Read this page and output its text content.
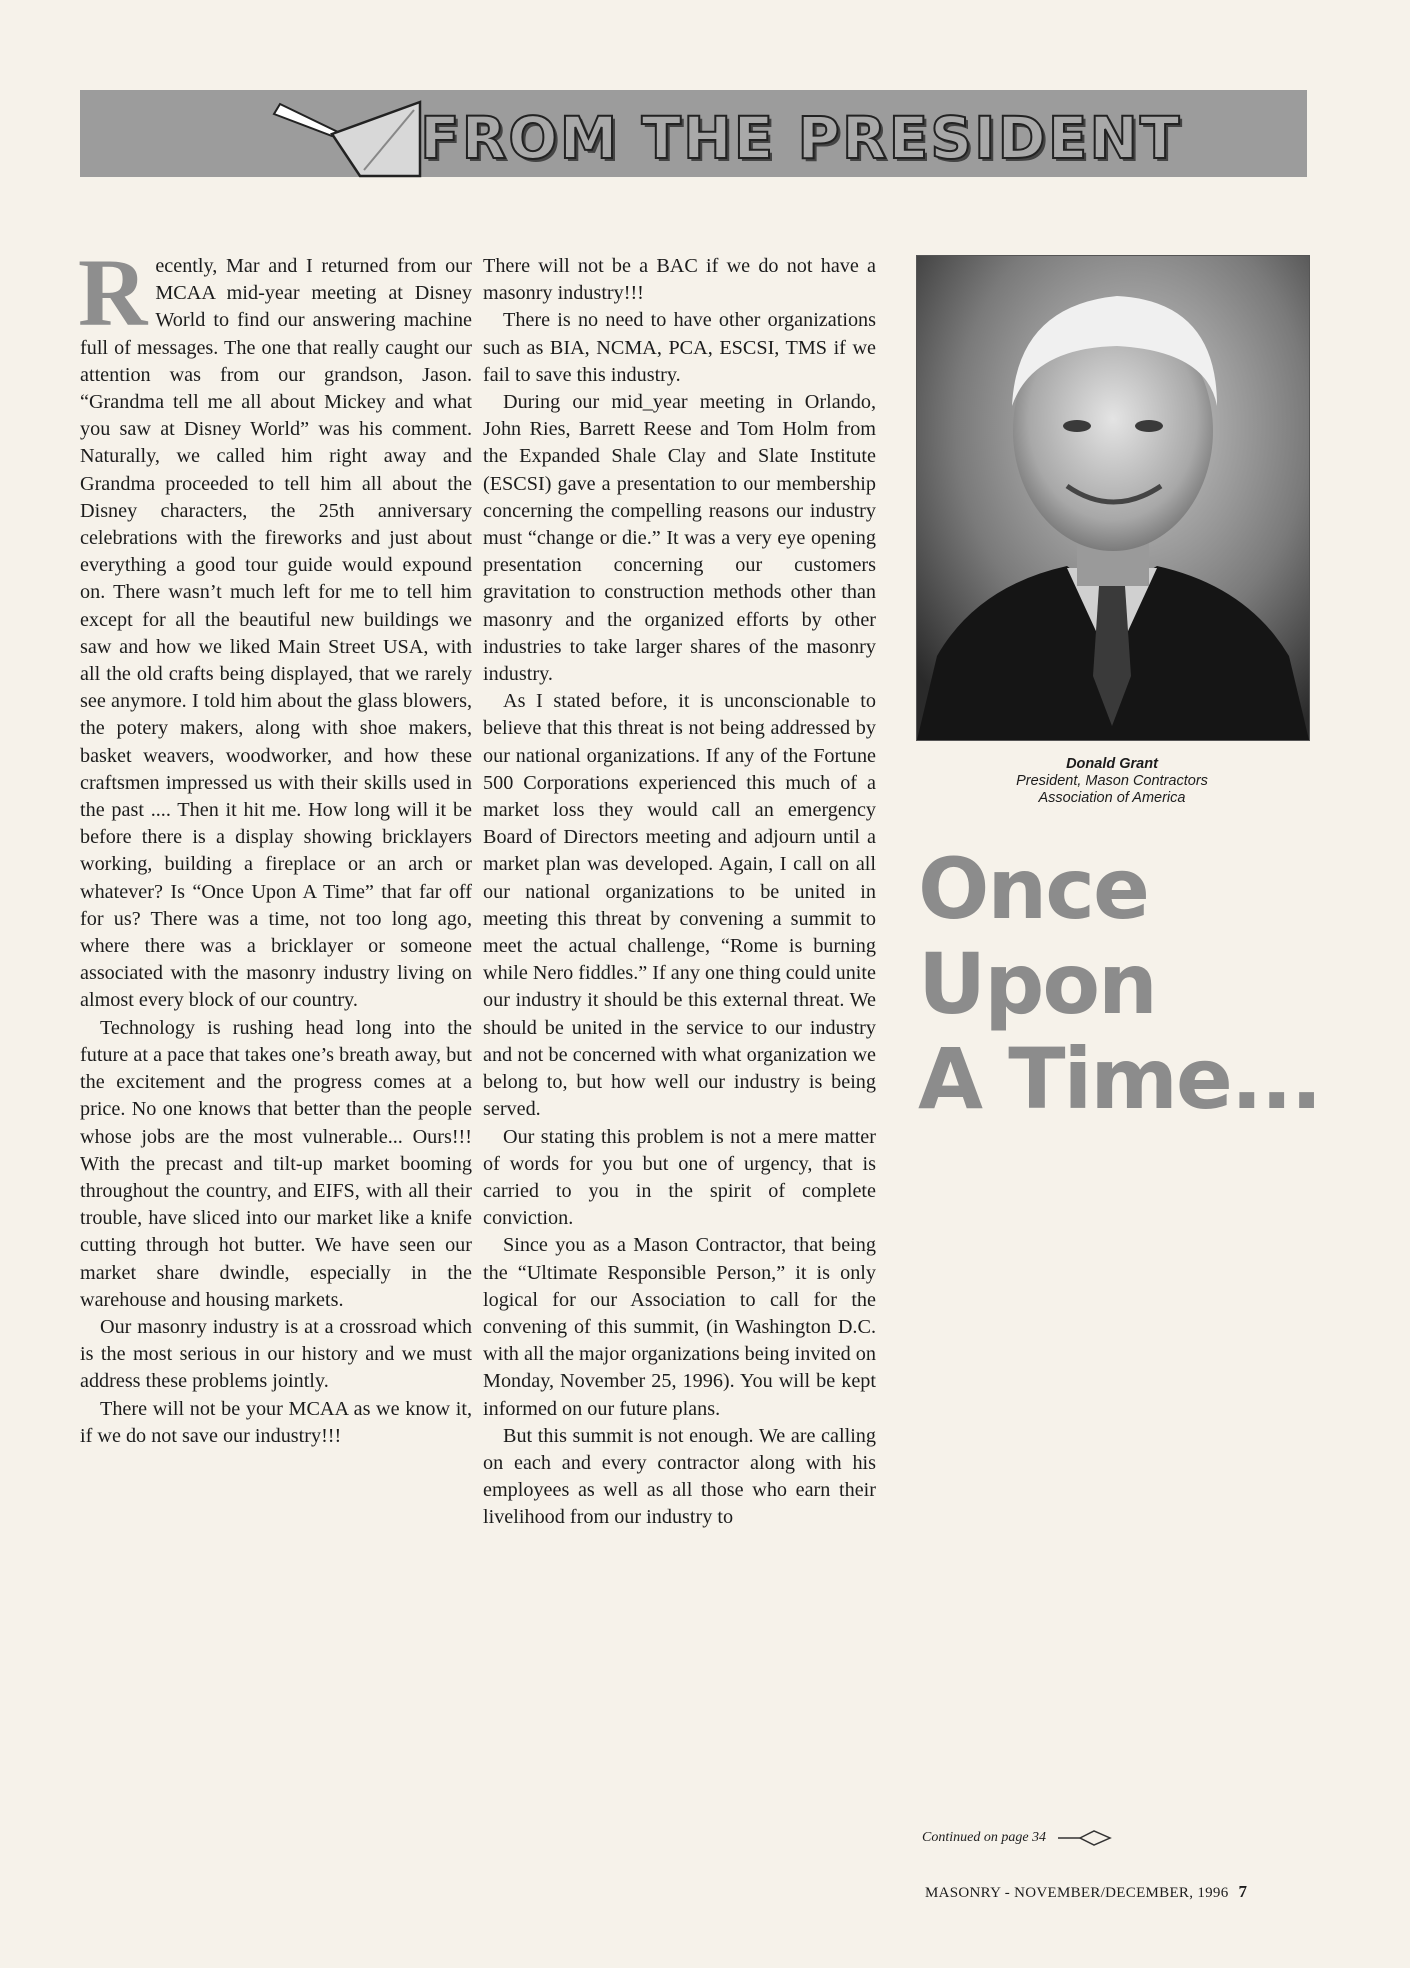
FROM THE PRESIDENT

Recently, Mar and I returned from our MCAA mid-year meeting at Disney World to find our answering machine full of messages. The one that really caught our attention was from our grandson, Jason. “Grandma tell me all about Mickey and what you saw at Disney World” was his comment. Naturally, we called him right away and Grandma proceeded to tell him all about the Disney characters, the 25th anniversary celebrations with the fireworks and just about everything a good tour guide would expound on. There wasn’t much left for me to tell him except for all the beautiful new buildings we saw and how we liked Main Street USA, with all the old crafts being displayed, that we rarely see anymore. I told him about the glass blowers, the potery makers, along with shoe makers, basket weavers, woodworker, and how these craftsmen impressed us with their skills used in the past .... Then it hit me. How long will it be before there is a display showing bricklayers working, building a fireplace or an arch or whatever? Is “Once Upon A Time” that far off for us? There was a time, not too long ago, where there was a bricklayer or someone associated with the masonry industry living on almost every block of our country.

Technology is rushing head long into the future at a pace that takes one’s breath away, but the excitement and the progress comes at a price. No one knows that better than the people whose jobs are the most vulnerable... Ours!!! With the precast and tilt-up market booming throughout the country, and EIFS, with all their trouble, have sliced into our market like a knife cutting through hot butter. We have seen our market share dwindle, especially in the warehouse and housing markets.

Our masonry industry is at a crossroad which is the most serious in our history and we must address these problems jointly.

There will not be your MCAA as we know it, if we do not save our industry!!!

There will not be a BAC if we do not have a masonry industry!!!

There is no need to have other organizations such as BIA, NCMA, PCA, ESCSI, TMS if we fail to save this industry.

During our mid_year meeting in Orlando, John Ries, Barrett Reese and Tom Holm from the Expanded Shale Clay and Slate Institute (ESCSI) gave a presentation to our membership concerning the compelling reasons our industry must “change or die.” It was a very eye opening presentation concerning our customers gravitation to construction methods other than masonry and the organized efforts by other industries to take larger shares of the masonry industry.

As I stated before, it is unconscionable to believe that this threat is not being addressed by our national organizations. If any of the Fortune 500 Corporations experienced this much of a market loss they would call an emergency Board of Directors meeting and adjourn until a market plan was developed. Again, I call on all our national organizations to be united in meeting this threat by convening a summit to meet the actual challenge, “Rome is burning while Nero fiddles.” If any one thing could unite our industry it should be this external threat. We should be united in the service to our industry and not be concerned with what organization we belong to, but how well our industry is being served.

Our stating this problem is not a mere matter of words for you but one of urgency, that is carried to you in the spirit of complete conviction.

Since you as a Mason Contractor, that being the “Ultimate Responsible Person,” it is only logical for our Association to call for the convening of this summit, (in Washington D.C. with all the major organizations being invited on Monday, November 25, 1996). You will be kept informed on our future plans.

But this summit is not enough. We are calling on each and every contractor along with his employees as well as all those who earn their livelihood from our industry to

Donald Grant
President, Mason Contractors
Association of America
Once
Upon
A Time...
Continued on page 34
MASONRY - NOVEMBER/DECEMBER, 1996 7
